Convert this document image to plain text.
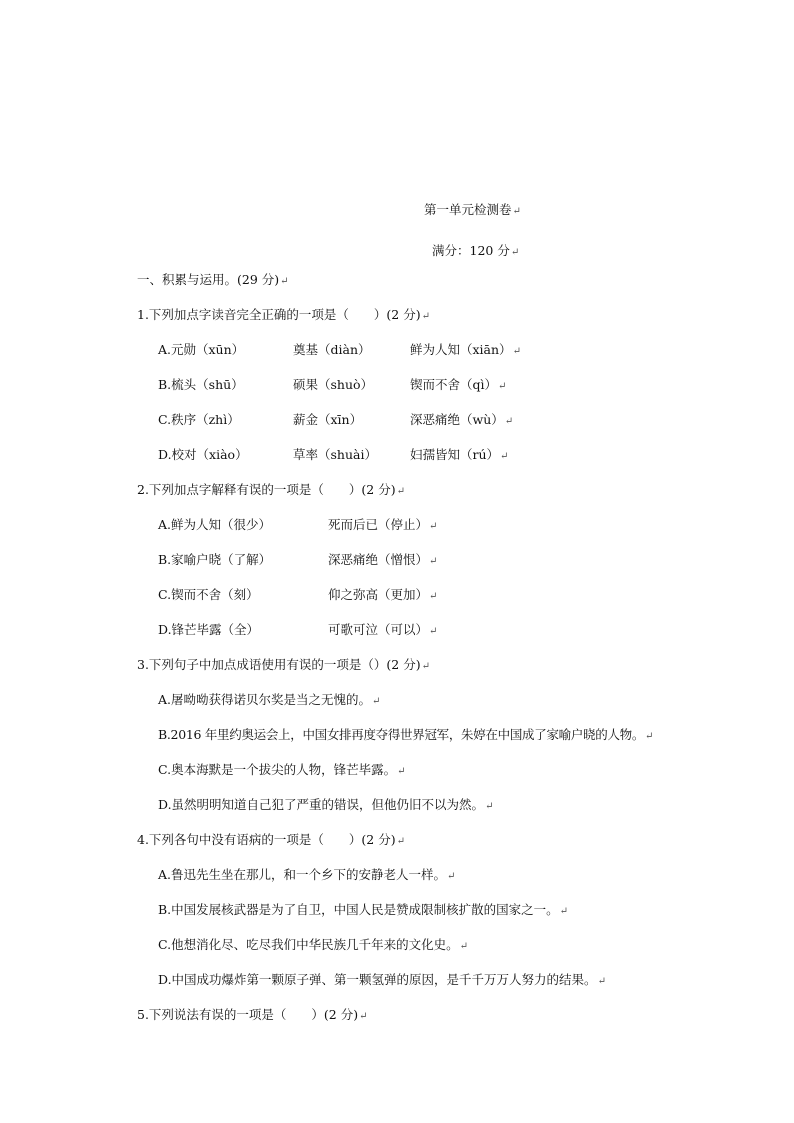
第一单元检测卷↵
满分：120 分↵
一、积累与运用。(29 分)↵
1.下列加点字读音完全正确的一项是（　　）(2 分)↵
A.元勋（xūn）	奠基（diàn）	鲜为人知（xiān）↵
B.梳头（shū）	硕果（shuò）	锲而不舍（qì）↵
C.秩序（zhì）	薪金（xīn）	深恶痛绝（wù）↵
D.校对（xiào）	草率（shuài）	妇孺皆知（rú）↵
2.下列加点字解释有误的一项是（　　）(2 分)↵
A.鲜为人知（很少）	死而后已（停止）↵
B.家喻户晓（了解）	深恶痛绝（憎恨）↵
C.锲而不舍（刻）	仰之弥高（更加）↵
D.锋芒毕露（全）	可歌可泣（可以）↵
3.下列句子中加点成语使用有误的一项是（）(2 分)↵
A.屠呦呦获得诺贝尔奖是当之无愧的。↵
B.2016 年里约奥运会上，中国女排再度夺得世界冠军，朱婷在中国成了家喻户晓的人物。↵
C.奥本海默是一个拔尖的人物，锋芒毕露。↵
D.虽然明明知道自己犯了严重的错误，但他仍旧不以为然。↵
4.下列各句中没有语病的一项是（　　）(2 分)↵
A.鲁迅先生坐在那儿，和一个乡下的安静老人一样。↵
B.中国发展核武器是为了自卫，中国人民是赞成限制核扩散的国家之一。↵
C.他想消化尽、吃尽我们中华民族几千年来的文化史。↵
D.中国成功爆炸第一颗原子弹、第一颗氢弹的原因，是千千万万人努力的结果。↵
5.下列说法有误的一项是（　　）(2 分)↵
